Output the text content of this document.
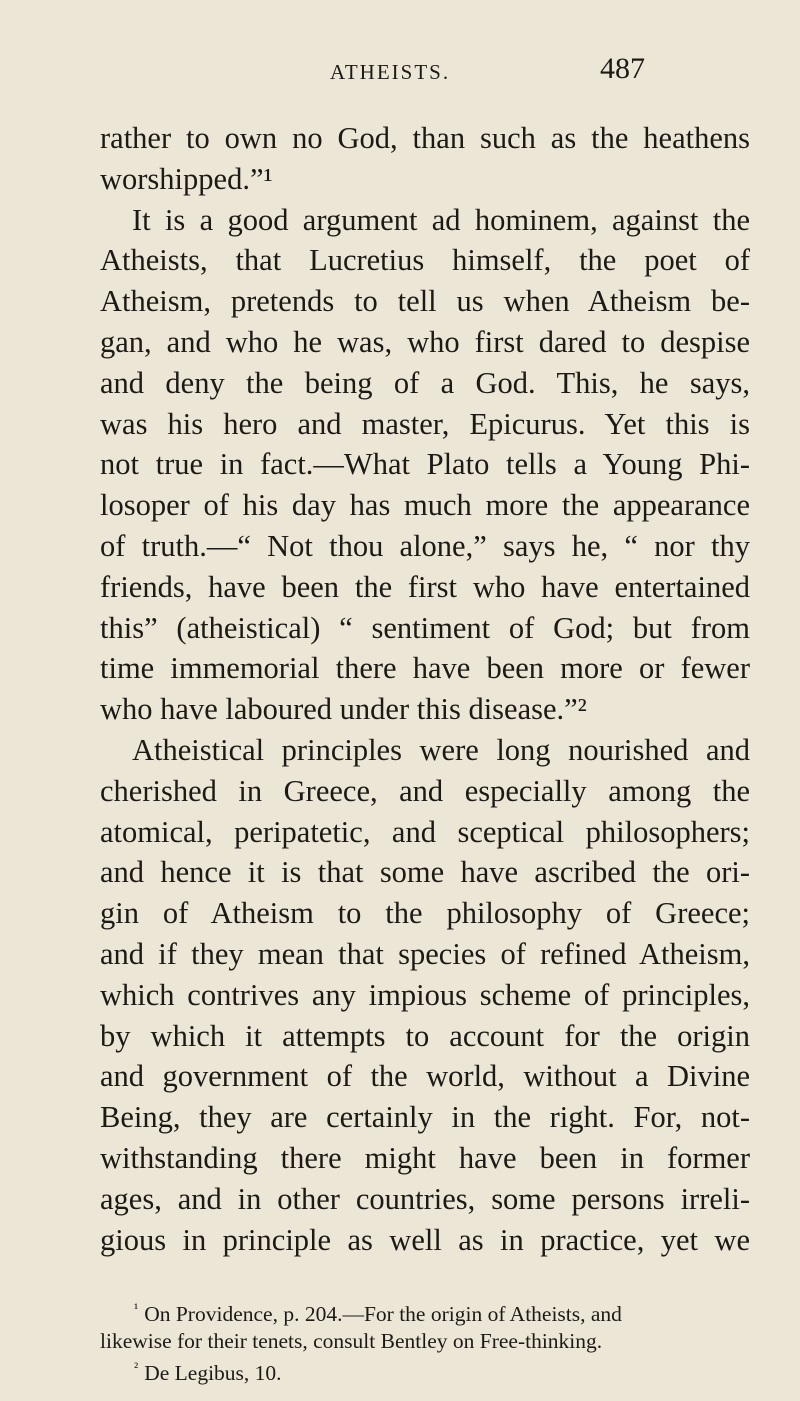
ATHEISTS.	487
rather to own no God, than such as the heathens
worshipped.”¹
It is a good argument ad hominem, against the
Atheists, that Lucretius himself, the poet of
Atheism, pretends to tell us when Atheism be-
gan, and who he was, who first dared to despise
and deny the being of a God. This, he says,
was his hero and master, Epicurus. Yet this is
not true in fact.—What Plato tells a Young Phi-
losoper of his day has much more the appearance
of truth.—“ Not thou alone,” says he, “ nor thy
friends, have been the first who have entertained
this” (atheistical) “ sentiment of God; but from
time immemorial there have been more or fewer
who have laboured under this disease.”²
Atheistical principles were long nourished and
cherished in Greece, and especially among the
atomical, peripatetic, and sceptical philosophers;
and hence it is that some have ascribed the ori-
gin of Atheism to the philosophy of Greece;
and if they mean that species of refined Atheism,
which contrives any impious scheme of principles,
by which it attempts to account for the origin
and government of the world, without a Divine
Being, they are certainly in the right. For, not-
withstanding there might have been in former
ages, and in other countries, some persons irreli-
gious in principle as well as in practice, yet we
$^{^1}$ On Providence, p. 204.—For the origin of Atheists, and
likewise for their tenets, consult Bentley on Free-thinking.
$^{^2}$ De Legibus, 10.
